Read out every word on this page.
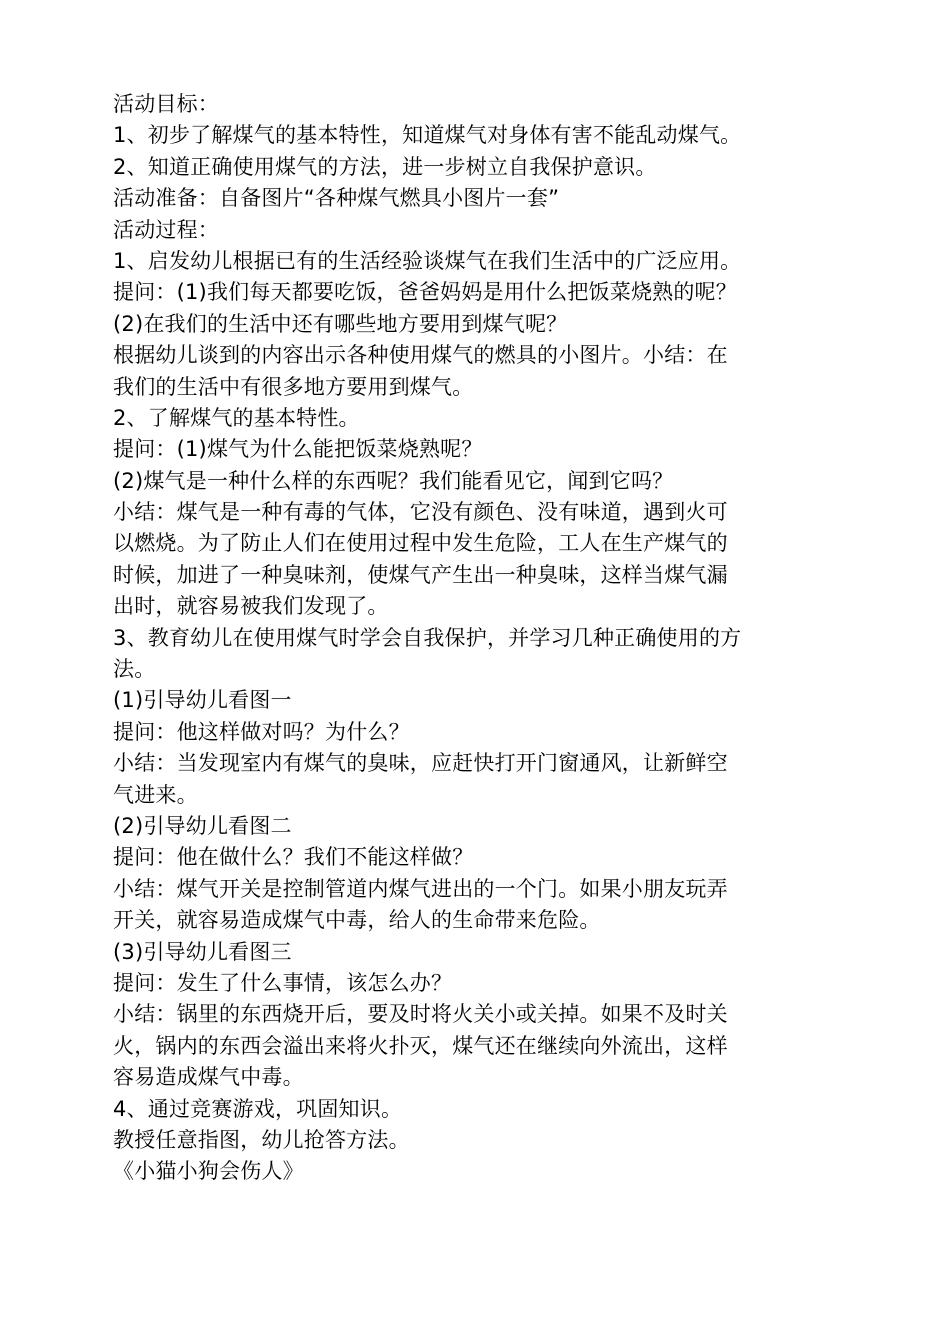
活动目标：
1、初步了解煤气的基本特性，知道煤气对身体有害不能乱动煤气。
2、知道正确使用煤气的方法，进一步树立自我保护意识。
活动准备：自备图片“各种煤气燃具小图片一套”
活动过程：
1、启发幼儿根据已有的生活经验谈煤气在我们生活中的广泛应用。
提问：(1)我们每天都要吃饭，爸爸妈妈是用什么把饭菜烧熟的呢？
(2)在我们的生活中还有哪些地方要用到煤气呢？
根据幼儿谈到的内容出示各种使用煤气的燃具的小图片。小结：在
我们的生活中有很多地方要用到煤气。
2、了解煤气的基本特性。
提问：(1)煤气为什么能把饭菜烧熟呢？
(2)煤气是一种什么样的东西呢？我们能看见它，闻到它吗？
小结：煤气是一种有毒的气体，它没有颜色、没有味道，遇到火可
以燃烧。为了防止人们在使用过程中发生危险，工人在生产煤气的
时候，加进了一种臭味剂，使煤气产生出一种臭味，这样当煤气漏
出时，就容易被我们发现了。
3、教育幼儿在使用煤气时学会自我保护，并学习几种正确使用的方
法。
(1)引导幼儿看图一
提问：他这样做对吗？为什么？
小结：当发现室内有煤气的臭味，应赶快打开门窗通风，让新鲜空
气进来。
(2)引导幼儿看图二
提问：他在做什么？我们不能这样做？
小结：煤气开关是控制管道内煤气进出的一个门。如果小朋友玩弄
开关，就容易造成煤气中毒，给人的生命带来危险。
(3)引导幼儿看图三
提问：发生了什么事情，该怎么办？
小结：锅里的东西烧开后，要及时将火关小或关掉。如果不及时关
火，锅内的东西会溢出来将火扑灭，煤气还在继续向外流出，这样
容易造成煤气中毒。
4、通过竞赛游戏，巩固知识。
教授任意指图，幼儿抢答方法。
《小猫小狗会伤人》
